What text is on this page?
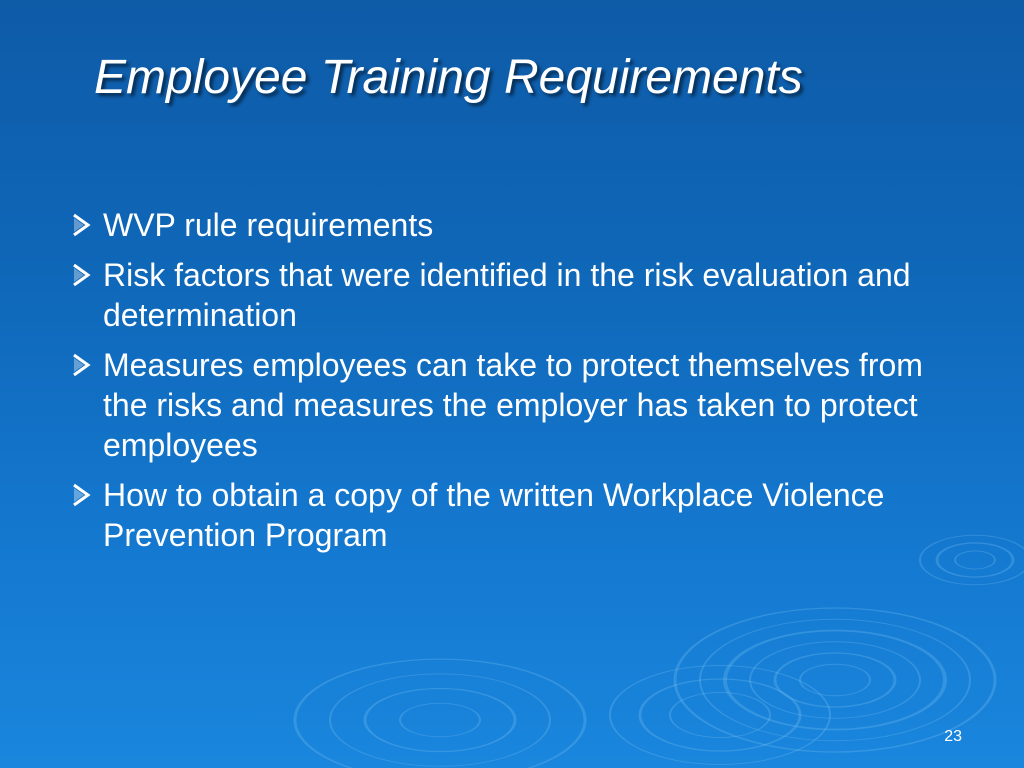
Employee Training Requirements
WVP rule requirements
Risk factors that were identified in the risk evaluation and determination
Measures employees can take to protect themselves from the risks and measures the employer has taken to protect employees
How to obtain a copy of the written Workplace Violence Prevention Program
23
